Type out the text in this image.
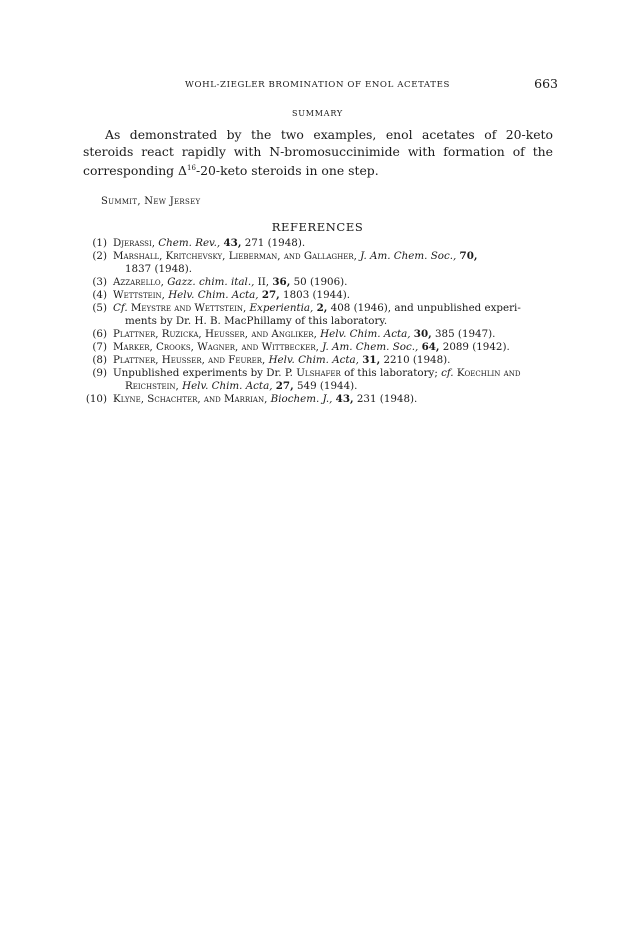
WOHL-ZIEGLER BROMINATION OF ENOL ACETATES	663
SUMMARY

As demonstrated by the two examples, enol acetates of 20-keto steroids react rapidly with N-bromosuccinimide with formation of the corresponding $\Delta^{16}-20$-keto steroids in one step.

Summit, New Jersey
REFERENCES
(1) Djerassi, Chem. Rev., 43, 271 (1948).
(2) Marshall, Kritchevsky, Lieberman, and Gallagher, J. Am. Chem. Soc., 70,
1837 (1948).
(3) Azzarello, Gazz. chim. ital., II, 36, 50 (1906).
(4) Wettstein, Helv. Chim. Acta, 27, 1803 (1944).
(5) Cf. Meystre and Wettstein, Experientia, 2, 408 (1946), and unpublished experi-
ments by Dr. H. B. MacPhillamy of this laboratory.
(6) Plattner, Ruzicka, Heusser, and Angliker, Helv. Chim. Acta, 30, 385 (1947).
(7) Marker, Crooks, Wagner, and Wittbecker, J. Am. Chem. Soc., 64, 2089 (1942).
(8) Plattner, Heusser, and Feurer, Helv. Chim. Acta, 31, 2210 (1948).
(9) Unpublished experiments by Dr. P. Ulshafer of this laboratory; cf. Koechlin and
Reichstein, Helv. Chim. Acta, 27, 549 (1944).
(10) Klyne, Schachter, and Marrian, Biochem. J., 43, 231 (1948).
